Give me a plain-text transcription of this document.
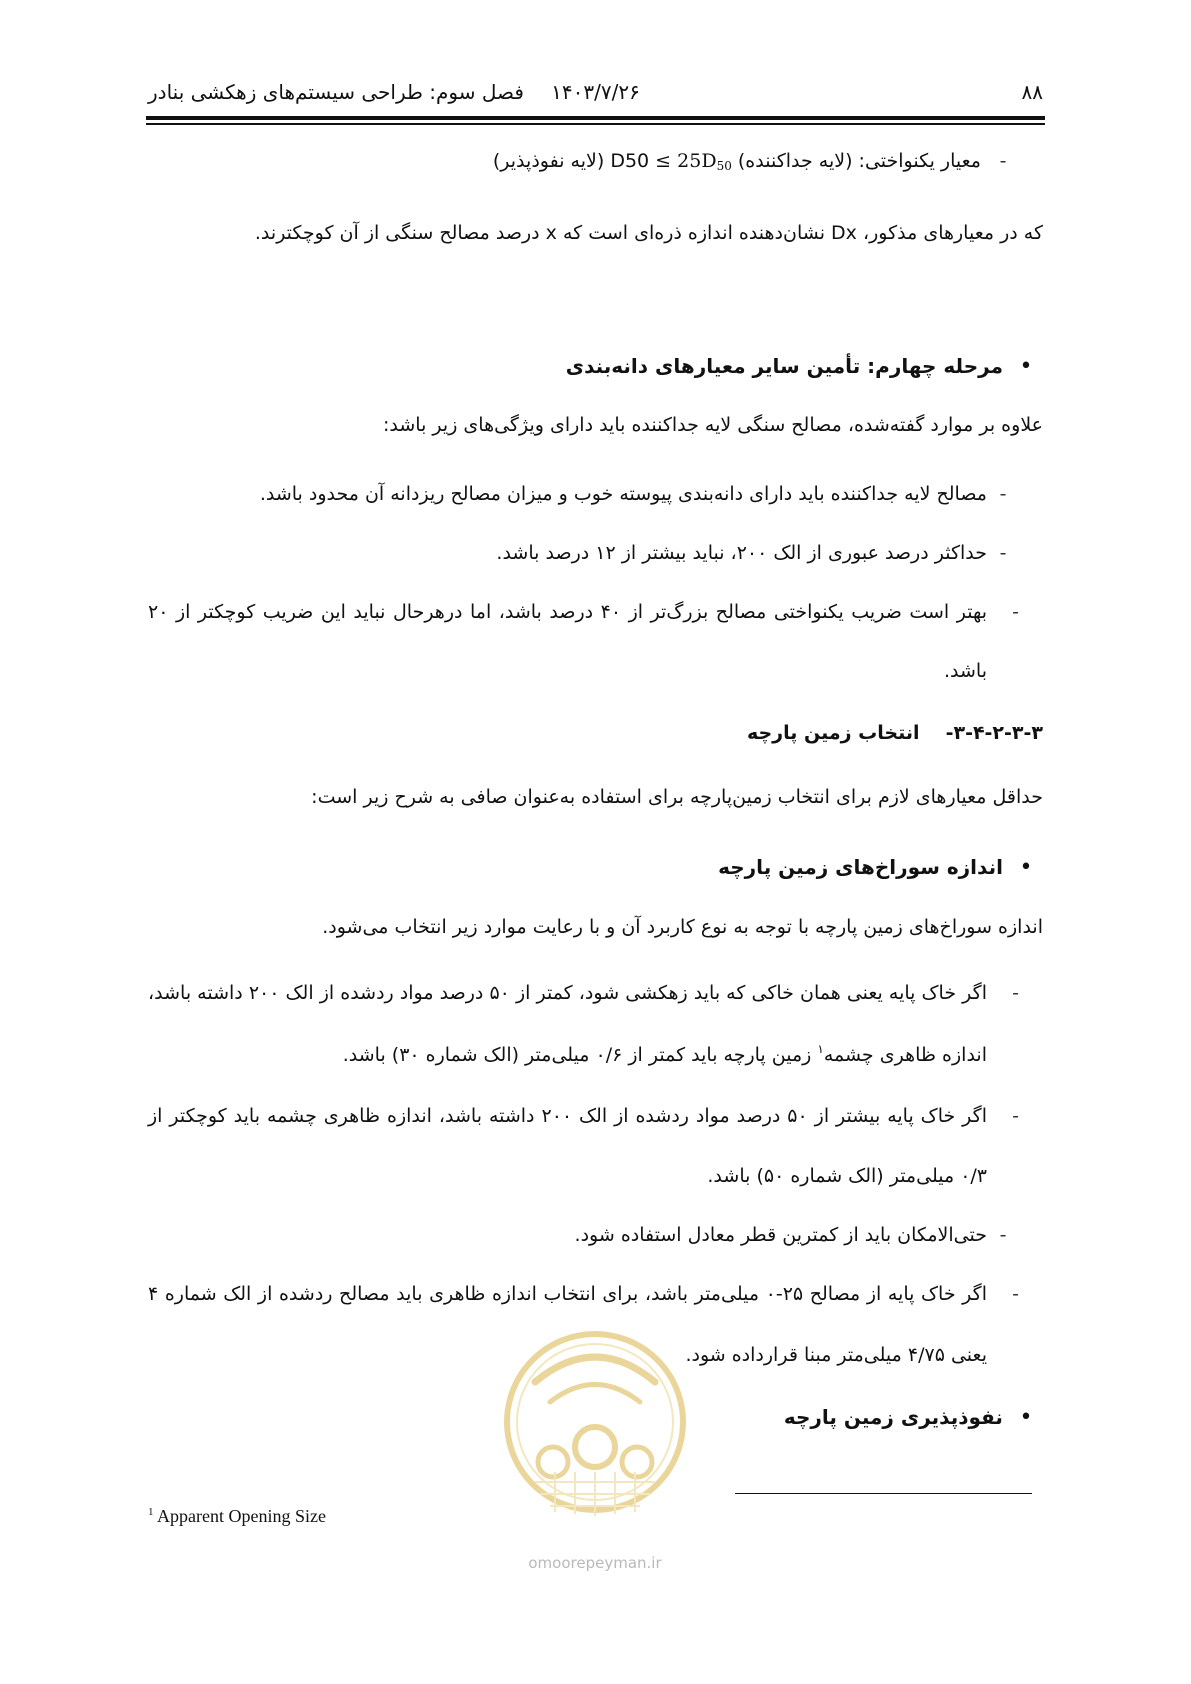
۸۸
۱۴۰۳/۷/۲۶
فصل سوم: طراحی سیستم‌های زهکشی بنادر
- معیار یکنواختی: (لایه جداکننده) ≤ $25D_{50}$ D50 (لایه نفوذپذیر)
که در معیارهای مذکور، Dx نشان‌دهنده اندازه ذره‌ای است که x درصد مصالح سنگی از آن کوچکترند.
• مرحله چهارم: تأمین سایر معیارهای دانه‌بندی
علاوه بر موارد گفته‌شده، مصالح سنگی لایه جداکننده باید دارای ویژگی‌های زیر باشد:
-مصالح لایه جداکننده باید دارای دانه‌بندی پیوسته خوب و میزان مصالح ریزدانه آن محدود باشد.
-حداکثر درصد عبوری از الک ۲۰۰، نباید بیشتر از ۱۲ درصد باشد.
-بهتر است ضریب یکنواختی مصالح بزرگ‌تر از ۴۰ درصد باشد، اما درهرحال نباید این ضریب کوچکتر از ۲۰
باشد.
۳-۴-۲-۳-۳-  انتخاب زمین پارچه
حداقل معیارهای لازم برای انتخاب زمین‌پارچه برای استفاده به‌عنوان صافی به شرح زیر است:
• اندازه سوراخ‌های زمین پارچه
اندازه سوراخ‌های زمین پارچه با توجه به نوع کاربرد آن و با رعایت موارد زیر انتخاب می‌شود.
-اگر خاک پایه یعنی همان خاکی که باید زهکشی شود، کمتر از ۵۰ درصد مواد ردشده از الک ۲۰۰ داشته باشد،
اندازه ظاهری چشمه$^۱$ زمین پارچه باید کمتر از ۰/۶ میلی‌متر (الک شماره ۳۰) باشد.
-اگر خاک پایه بیشتر از ۵۰ درصد مواد ردشده از الک ۲۰۰ داشته باشد، اندازه ظاهری چشمه باید کوچکتر از
۰/۳ میلی‌متر (الک شماره ۵۰) باشد.
-حتی‌الامکان باید از کمترین قطر معادل استفاده شود.
-اگر خاک پایه از مصالح ۲۵-۰ میلی‌متر باشد، برای انتخاب اندازه ظاهری باید مصالح ردشده از الک شماره ۴
یعنی ۴/۷۵ میلی‌متر مبنا قرارداده شود.
• نفوذپذیری زمین پارچه
$^1$ Apparent Opening Size
omoorepeyman.ir
